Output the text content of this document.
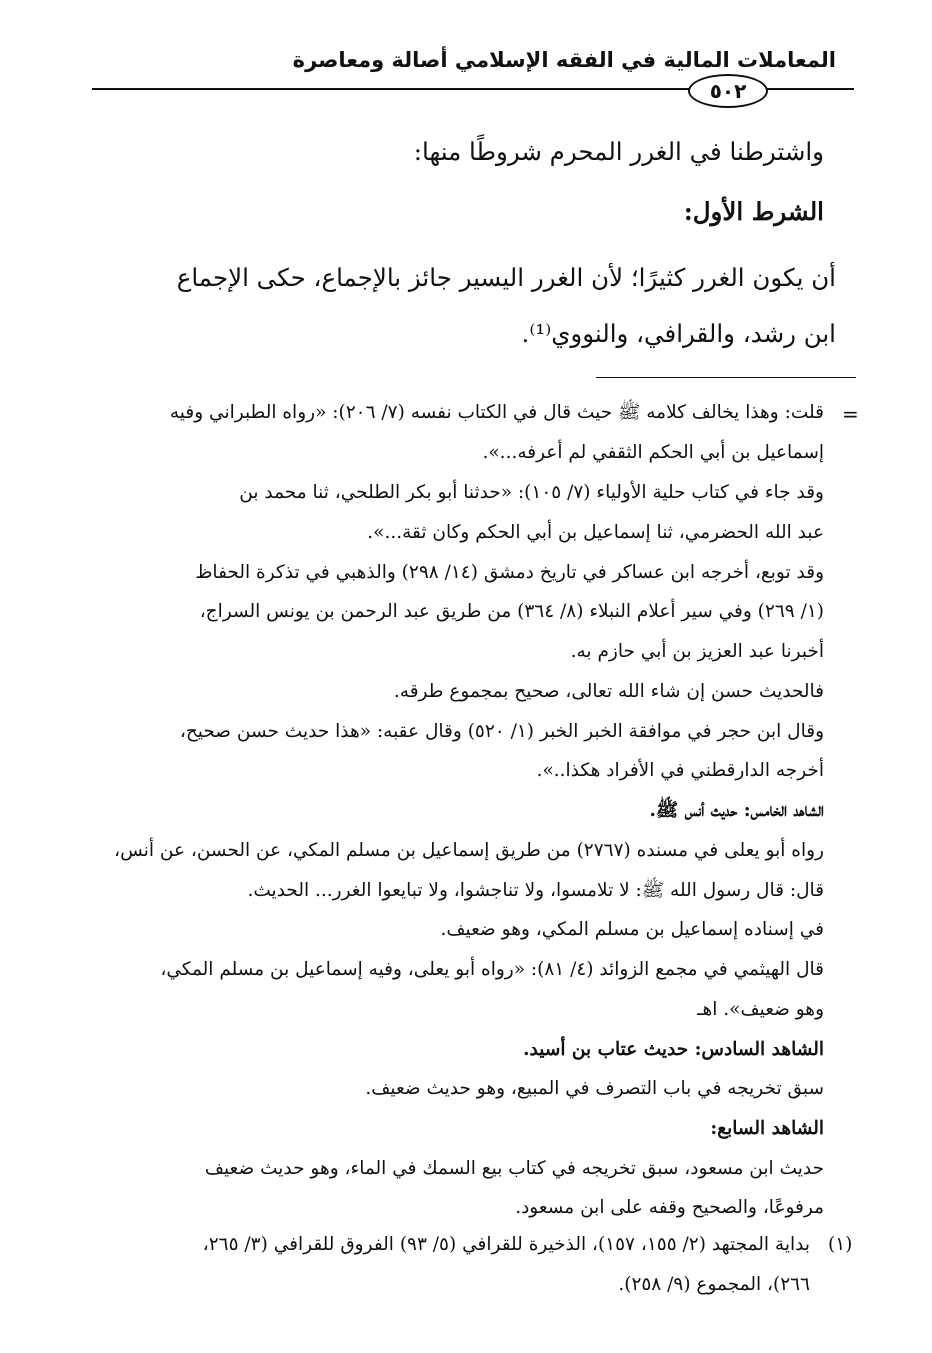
المعاملات المالية في الفقه الإسلامي أصالة ومعاصرة
٥٠٢
واشترطنا في الغرر المحرم شروطًا منها:
الشرط الأول:
أن يكون الغرر كثيرًا؛ لأن الغرر اليسير جائز بالإجماع، حكى الإجماع
ابن رشد، والقرافي، والنووي⁽¹⁾.
=
قلت: وهذا يخالف كلامه ﷺ حيث قال في الكتاب نفسه (٧/ ٢٠٦): «رواه الطبراني وفيه
إسماعيل بن أبي الحكم الثقفي لم أعرفه...».
وقد جاء في كتاب حلية الأولياء (٧/ ١٠٥): «حدثنا أبو بكر الطلحي، ثنا محمد بن
عبد الله الحضرمي، ثنا إسماعيل بن أبي الحكم وكان ثقة...».
وقد توبع، أخرجه ابن عساكر في تاريخ دمشق (١٤/ ٢٩٨) والذهبي في تذكرة الحفاظ
(١/ ٢٦٩) وفي سير أعلام النبلاء (٨/ ٣٦٤) من طريق عبد الرحمن بن يونس السراج،
أخبرنا عبد العزيز بن أبي حازم به.
فالحديث حسن إن شاء الله تعالى، صحيح بمجموع طرقه.
وقال ابن حجر في موافقة الخبر الخبر (١/ ٥٢٠) وقال عقبه: «هذا حديث حسن صحيح،
أخرجه الدارقطني في الأفراد هكذا..».
الشاهد الخامس: حديث أنس ﷺ.
رواه أبو يعلى في مسنده (٢٧٦٧) من طريق إسماعيل بن مسلم المكي، عن الحسن، عن أنس،
قال: قال رسول الله ﷺ: لا تلامسوا، ولا تناجشوا، ولا تبايعوا الغرر... الحديث.
في إسناده إسماعيل بن مسلم المكي، وهو ضعيف.
قال الهيثمي في مجمع الزوائد (٤/ ٨١): «رواه أبو يعلى، وفيه إسماعيل بن مسلم المكي،
وهو ضعيف». اهـ
الشاهد السادس: حديث عتاب بن أسيد.
سبق تخريجه في باب التصرف في المبيع، وهو حديث ضعيف.
الشاهد السابع:
حديث ابن مسعود، سبق تخريجه في كتاب بيع السمك في الماء، وهو حديث ضعيف
مرفوعًا، والصحيح وقفه على ابن مسعود.
(١)
بداية المجتهد (٢/ ١٥٥، ١٥٧)، الذخيرة للقرافي (٥/ ٩٣) الفروق للقرافي (٣/ ٢٦٥،
٢٦٦)، المجموع (٩/ ٢٥٨).
